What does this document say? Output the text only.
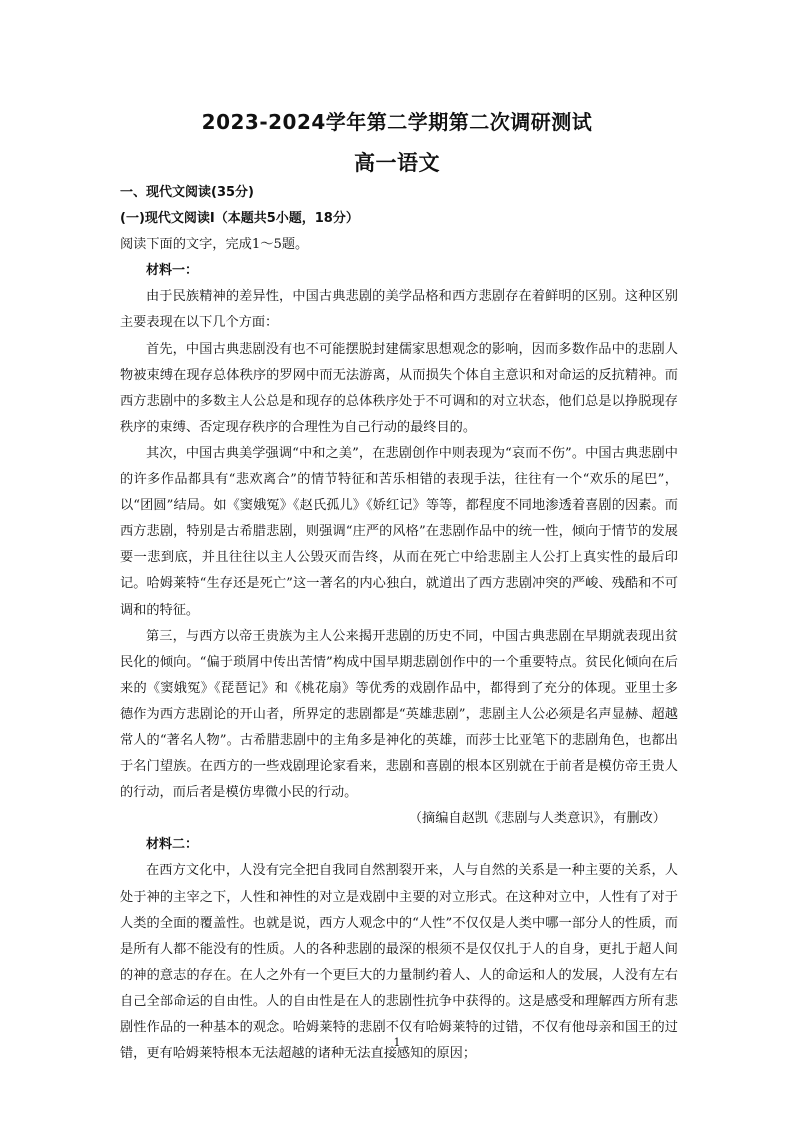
2023-2024学年第二学期第二次调研测试
高一语文

一、现代文阅读(35分)

(一)现代文阅读Ⅰ（本题共5小题，18分）

阅读下面的文字，完成1～5题。

材料一：

由于民族精神的差异性，中国古典悲剧的美学品格和西方悲剧存在着鲜明的区别。这种区别主要表现在以下几个方面：

首先，中国古典悲剧没有也不可能摆脱封建儒家思想观念的影响，因而多数作品中的悲剧人物被束缚在现存总体秩序的罗网中而无法游离，从而损失个体自主意识和对命运的反抗精神。而西方悲剧中的多数主人公总是和现存的总体秩序处于不可调和的对立状态，他们总是以挣脱现存秩序的束缚、否定现存秩序的合理性为自己行动的最终目的。

其次，中国古典美学强调“中和之美”，在悲剧创作中则表现为“哀而不伤”。中国古典悲剧中的许多作品都具有“悲欢离合”的情节特征和苦乐相错的表现手法，往往有一个“欢乐的尾巴”，以“团圆”结局。如《窦娥冤》《赵氏孤儿》《娇红记》等等，都程度不同地渗透着喜剧的因素。而西方悲剧，特别是古希腊悲剧，则强调“庄严的风格”在悲剧作品中的统一性，倾向于情节的发展要一悲到底，并且往往以主人公毁灭而告终，从而在死亡中给悲剧主人公打上真实性的最后印记。哈姆莱特“生存还是死亡”这一著名的内心独白，就道出了西方悲剧冲突的严峻、残酷和不可调和的特征。

第三，与西方以帝王贵族为主人公来揭开悲剧的历史不同，中国古典悲剧在早期就表现出贫民化的倾向。“偏于琐屑中传出苦情”构成中国早期悲剧创作中的一个重要特点。贫民化倾向在后来的《窦娥冤》《琵琶记》和《桃花扇》等优秀的戏剧作品中，都得到了充分的体现。亚里士多德作为西方悲剧论的开山者，所界定的悲剧都是“英雄悲剧”，悲剧主人公必须是名声显赫、超越常人的“著名人物”。古希腊悲剧中的主角多是神化的英雄，而莎士比亚笔下的悲剧角色，也都出于名门望族。在西方的一些戏剧理论家看来，悲剧和喜剧的根本区别就在于前者是模仿帝王贵人的行动，而后者是模仿卑微小民的行动。

（摘编自赵凯《悲剧与人类意识》，有删改）

材料二：

在西方文化中，人没有完全把自我同自然割裂开来，人与自然的关系是一种主要的关系，人处于神的主宰之下，人性和神性的对立是戏剧中主要的对立形式。在这种对立中，人性有了对于人类的全面的覆盖性。也就是说，西方人观念中的“人性”不仅仅是人类中哪一部分人的性质，而是所有人都不能没有的性质。人的各种悲剧的最深的根须不是仅仅扎于人的自身，更扎于超人间的神的意志的存在。在人之外有一个更巨大的力量制约着人、人的命运和人的发展，人没有左右自己全部命运的自由性。人的自由性是在人的悲剧性抗争中获得的。这是感受和理解西方所有悲剧性作品的一种基本的观念。哈姆莱特的悲剧不仅有哈姆莱特的过错，不仅有他母亲和国王的过错，更有哈姆莱特根本无法超越的诸种无法直接感知的原因；

1
